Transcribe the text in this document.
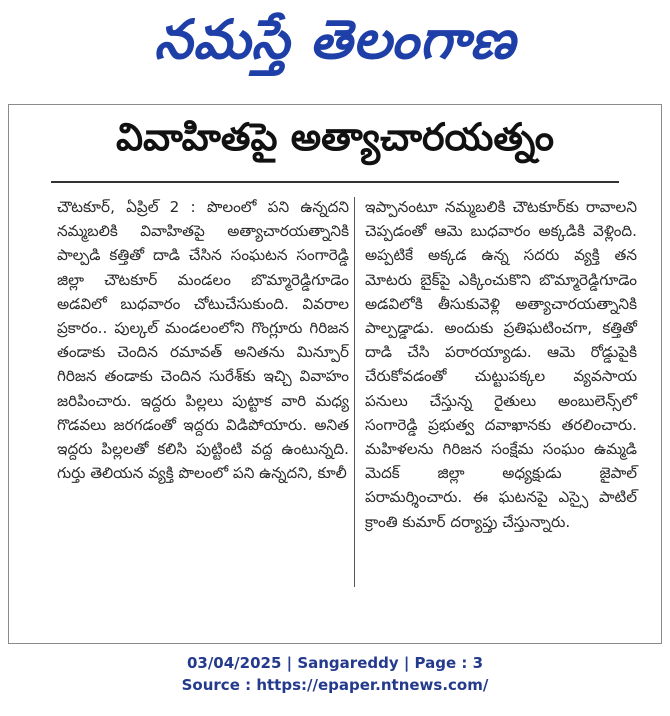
నమస్తే తెలంగాణ
వివాహితపై అత్యాచారయత్నం
చౌటకూర్, ఏప్రిల్ 2 : పొలంలో పని ఉన్నదని నమ్మబలికి వివాహితపై అత్యాచారయత్నానికి పాల్పడి కత్తితో దాడి చేసిన సంఘటన సంగారెడ్డి జిల్లా చౌటకూర్ మండలం బొమ్మారెడ్డిగూడెం అడవిలో బుధవారం చోటుచేసుకుంది. వివరాల ప్రకారం.. పుల్కల్ మండలంలోని గొంగ్లూరు గిరిజన తండాకు చెందిన రమావత్ అనితను మిన్పూర్ గిరిజన తండాకు చెందిన సురేశ్‌కు ఇచ్చి వివాహం జరిపించారు. ఇద్దరు పిల్లలు పుట్టాక వారి మధ్య గొడవలు జరగడంతో ఇద్దరు విడిపోయారు. అనిత ఇద్దరు పిల్లలతో కలిసి పుట్టింటి వద్ద ఉంటున్నది. గుర్తు తెలియన వ్యక్తి పొలంలో పని ఉన్నదని, కూలీ
ఇప్పానంటూ నమ్మబలికి చౌటకూర్‌కు రావాలని చెప్పడంతో ఆమె బుధవారం అక్కడికి వెళ్లింది. అప్పటికే అక్కడ ఉన్న సదరు వ్యక్తి తన మోటరు బైక్‌పై ఎక్కించుకొని బొమ్మారెడ్డిగూడెం అడవిలోకి తీసుకువెళ్లి అత్యాచారయత్నానికి పాల్పడ్డాడు. అందుకు ప్రతిఘటించగా, కత్తితో దాడి చేసి పరారయ్యాడు. ఆమె రోడ్డుపైకి చేరుకోవడంతో చుట్టుపక్కల వ్యవసాయ పనులు చేస్తున్న రైతులు అంబులెన్స్‌లో సంగారెడ్డి ప్రభుత్వ దవాఖానకు తరలించారు. మహిళలను గిరిజన సంక్షేమ సంఘం ఉమ్మడి మెదక్ జిల్లా అధ్యక్షుడు జైపాల్ పరామర్శించారు. ఈ ఘటనపై ఎస్సై పాటిల్ క్రాంతి కుమార్ దర్యాప్తు చేస్తున్నారు.
03/04/2025 | Sangareddy | Page : 3
Source : https://epaper.ntnews.com/
